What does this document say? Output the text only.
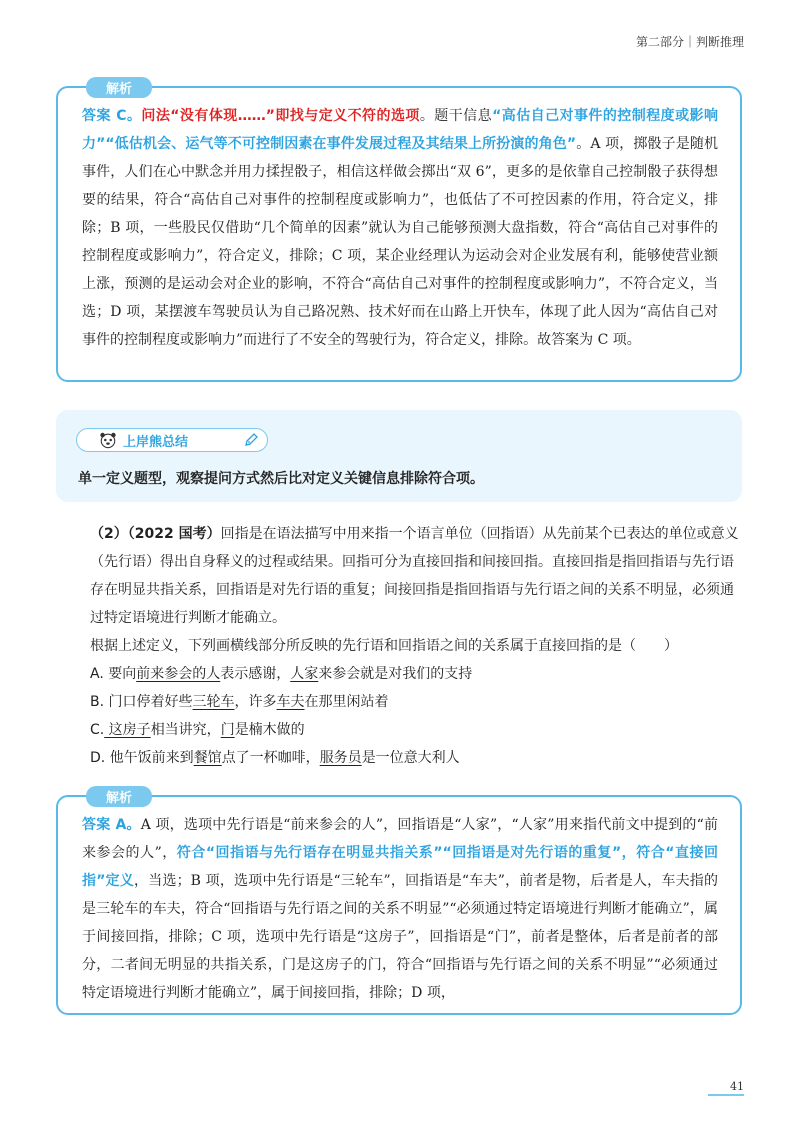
第二部分｜判断推理
解析

答案 C。问法“没有体现……”即找与定义不符的选项。题干信息“高估自己对事件的控制程度或影响力”“低估机会、运气等不可控制因素在事件发展过程及其结果上所扮演的角色”。A 项，掷骰子是随机事件，人们在心中默念并用力揉捏骰子，相信这样做会掷出“双 6”，更多的是依靠自己控制骰子获得想要的结果，符合“高估自己对事件的控制程度或影响力”，也低估了不可控因素的作用，符合定义，排除；B 项，一些股民仅借助“几个简单的因素”就认为自己能够预测大盘指数，符合“高估自己对事件的控制程度或影响力”，符合定义，排除；C 项，某企业经理认为运动会对企业发展有利，能够使营业额上涨，预测的是运动会对企业的影响，不符合“高估自己对事件的控制程度或影响力”，不符合定义，当选；D 项，某摆渡车驾驶员认为自己路况熟、技术好而在山路上开快车，体现了此人因为“高估自己对事件的控制程度或影响力”而进行了不安全的驾驶行为，符合定义，排除。故答案为 C 项。

上岸熊总结
单一定义题型，观察提问方式然后比对定义关键信息排除符合项。

（2）（2022 国考）回指是在语法描写中用来指一个语言单位（回指语）从先前某个已表达的单位或意义（先行语）得出自身释义的过程或结果。回指可分为直接回指和间接回指。直接回指是指回指语与先行语存在明显共指关系，回指语是对先行语的重复；间接回指是指回指语与先行语之间的关系不明显，必须通过特定语境进行判断才能确立。

根据上述定义，下列画横线部分所反映的先行语和回指语之间的关系属于直接回指的是（　　）

A. 要向前来参会的人表示感谢，人家来参会就是对我们的支持

B. 门口停着好些三轮车，许多车夫在那里闲站着

C. 这房子相当讲究，门是楠木做的

D. 他午饭前来到餐馆点了一杯咖啡，服务员是一位意大利人

解析

答案 A。A 项，选项中先行语是“前来参会的人”，回指语是“人家”，“人家”用来指代前文中提到的“前来参会的人”，符合“回指语与先行语存在明显共指关系”“回指语是对先行语的重复”，符合“直接回指”定义，当选；B 项，选项中先行语是“三轮车”，回指语是“车夫”，前者是物，后者是人，车夫指的是三轮车的车夫，符合“回指语与先行语之间的关系不明显”“必须通过特定语境进行判断才能确立”，属于间接回指，排除；C 项，选项中先行语是“这房子”，回指语是“门”，前者是整体，后者是前者的部分，二者间无明显的共指关系，门是这房子的门，符合“回指语与先行语之间的关系不明显”“必须通过特定语境进行判断才能确立”，属于间接回指，排除；D 项，

41
